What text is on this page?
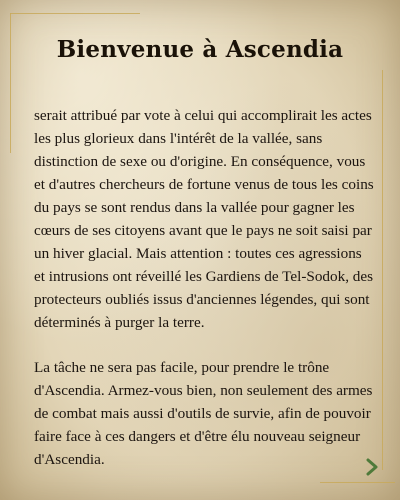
Bienvenue à Ascendia

serait attribué par vote à celui qui accomplirait les actes les plus glorieux dans l'intérêt de la vallée, sans distinction de sexe ou d'origine. En conséquence, vous et d'autres chercheurs de fortune venus de tous les coins du pays se sont rendus dans la vallée pour gagner les cœurs de ses citoyens avant que le pays ne soit saisi par un hiver glacial. Mais attention : toutes ces agressions et intrusions ont réveillé les Gardiens de Tel-Sodok, des protecteurs oubliés issus d'anciennes légendes, qui sont déterminés à purger la terre.

La tâche ne sera pas facile, pour prendre le trône d'Ascendia. Armez-vous bien, non seulement des armes de combat mais aussi d'outils de survie, afin de pouvoir faire face à ces dangers et d'être élu nouveau seigneur d'Ascendia.
